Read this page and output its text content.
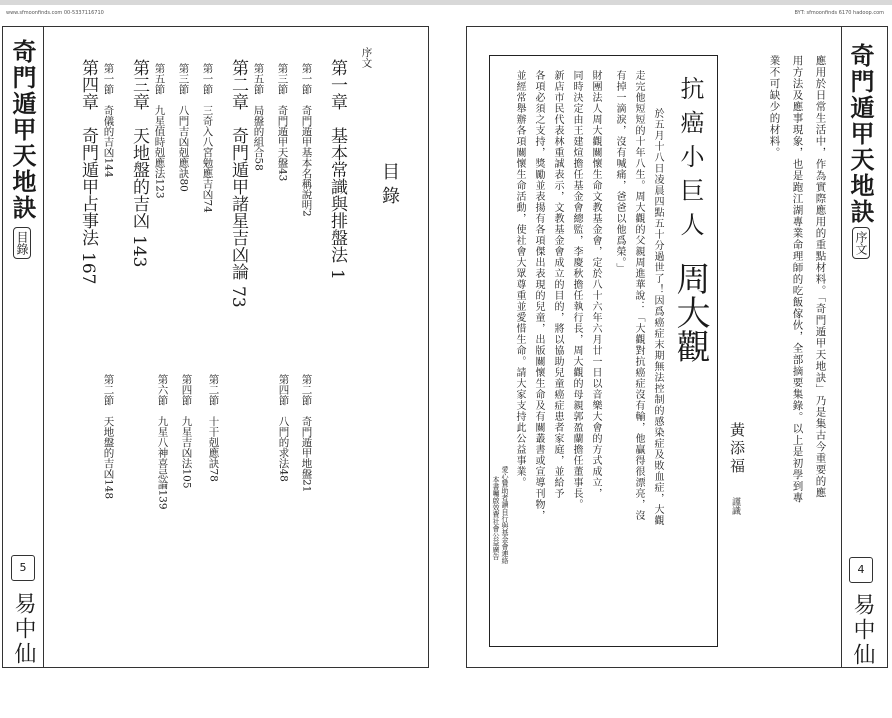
www.sfmoonfinds.com 00-5337116710	BYT: sfmoonfinds 6170 hadoop.com
奇門遁甲天地訣
目錄
5
易中仙
目錄
序文
第一章　基本常識與排盤法1
第一節　奇門遁甲基本名稱說明2
第三節　奇門遁甲天盤43
第五節　局盤的組合58
第二章　奇門遁甲諸星吉凶論73
第一節　三奇入八宮勉應吉凶74
第三節　八門吉凶剋應訣80
第五節　九星值時剋應法123
第三章　天地盤的吉凶143
第一節　奇儀的吉凶144
第四章　奇門遁甲占事法167
第二節　奇門遁甲地盤21
第四節　八門的求法48
第二節　十干剋應訣78
第四節　九星吉凶法105
第六節　九星八神喜忌論139
第二節　天地盤的吉凶148
奇門遁甲天地訣
序文
4
易中仙
應用於日常生活中，作為實際應用的重點材料。「奇門遁甲天地訣」乃是集古今重要的應
用方法及應事現象，也是跑江湖專業命理師的吃飯傢伙，全部摘要集錄。以上是初學到專
業不可缺少的材料。
黃添福
謹識
抗癌小巨人
周大觀
於五月十八日凌晨四點五十分過世了！因爲癌症末期無法控制的感染症及敗血症，大觀
走完他短短的十年八生。周大觀的父親周進華說：「大觀對抗癌症沒有輸，他贏得很漂亮，沒
有掉一滴淚，沒有喊痛，爸爸以他爲榮。」
財團法人周大觀關懷生命文教基金會，定於八十六年六月廿一日以音樂大會的方式成立，
同時決定由王建煊擔任基金會總監，李慶秋擔任執行長，周大觀的母親郭盈蘭擔任董事長。
新店市民代表林重誠表示，文教基金會成立的目的，將以協助兒童癌症患者家庭，並給予
各項必須之支持，獎勵並表揚有各項傑出表現的兒童，出版關懷生命及有關叢書或宣導刊物，
並經常舉辦各項關懷生命活動，使社會大眾尊重並愛惜生命。請大家支持此公益事業。
愛心贊助者讀自行與基金會連絡
本書囑啟效費社會公益廣告
